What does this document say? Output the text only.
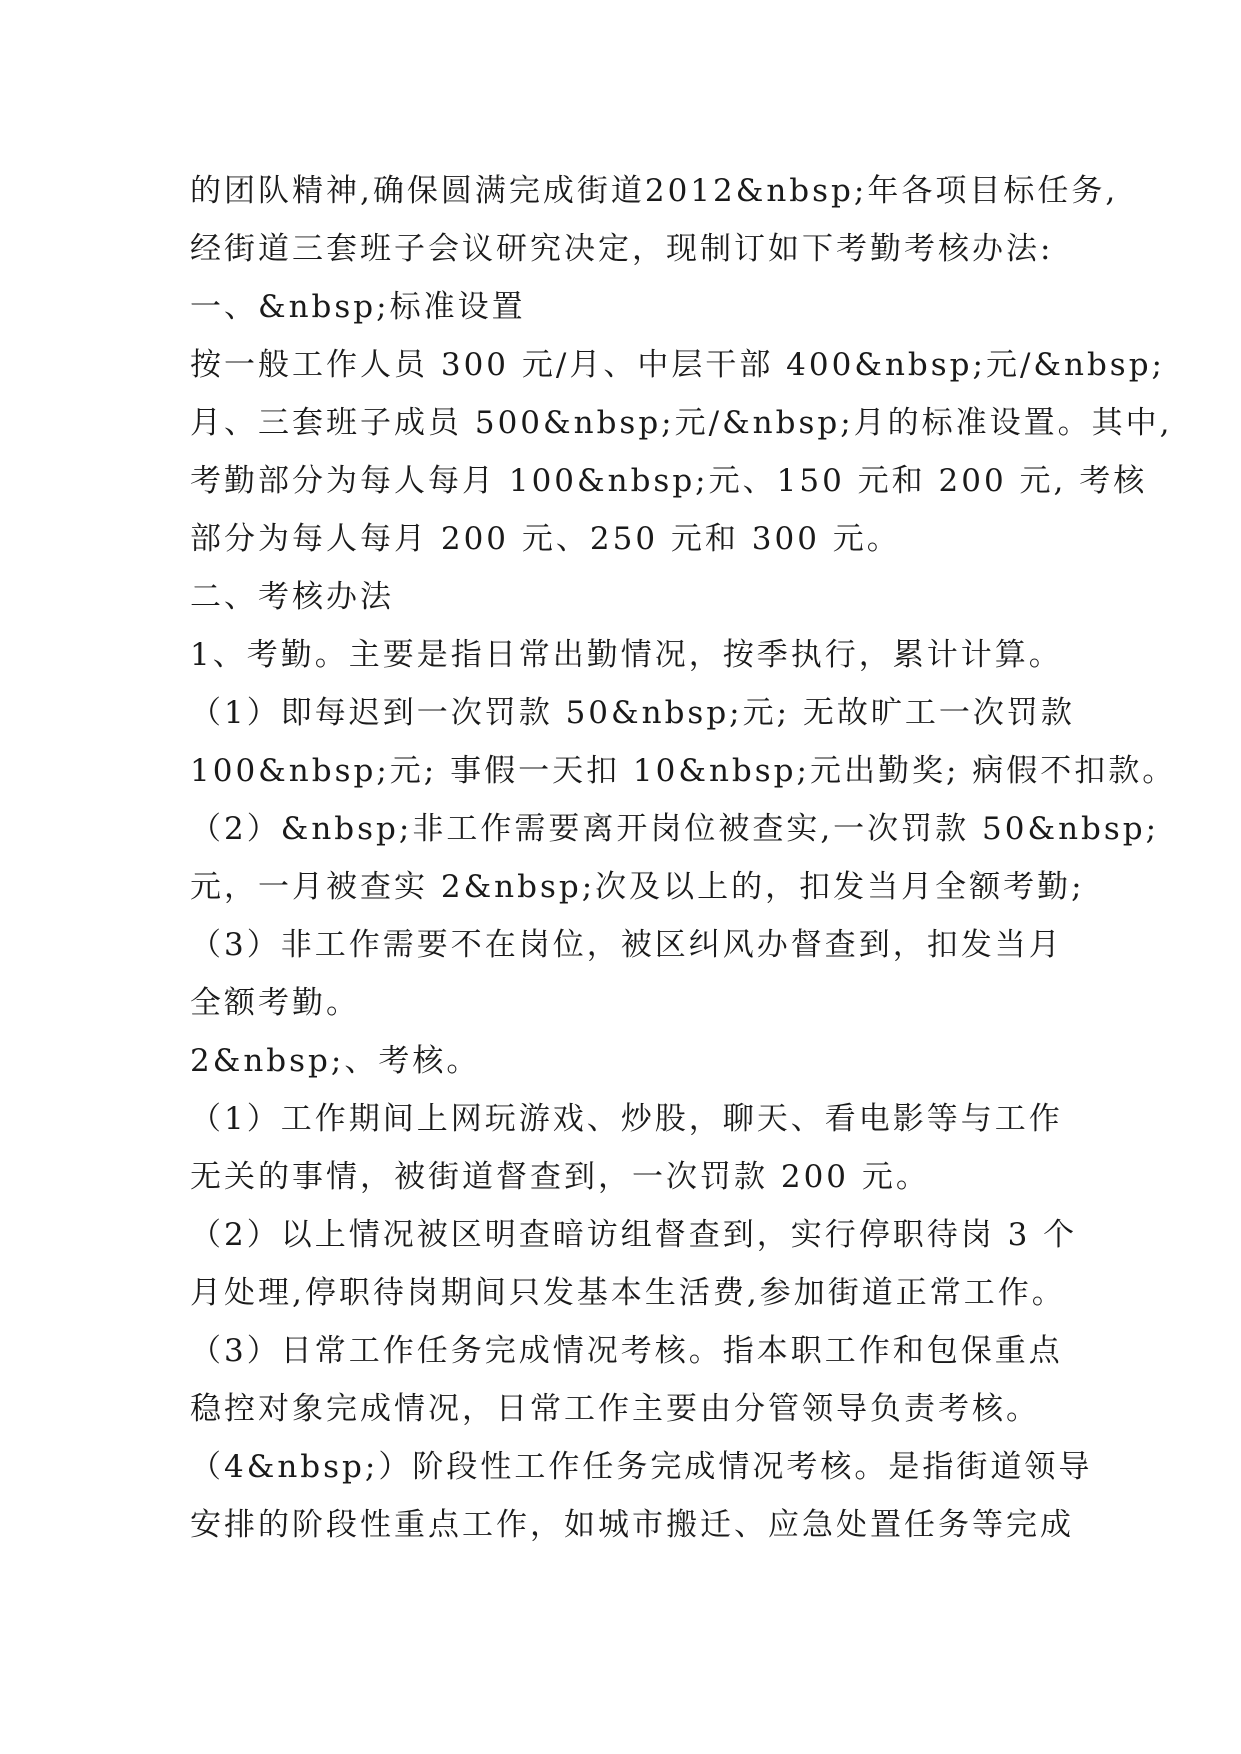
的团队精神,确保圆满完成街道2012&nbsp;年各项目标任务,
经街道三套班子会议研究决定，现制订如下考勤考核办法:
一、&nbsp;标准设置
按一般工作人员 300 元/月、中层干部 400&nbsp;元/&nbsp;
月、三套班子成员 500&nbsp;元/&nbsp;月的标准设置。其中,
考勤部分为每人每月 100&nbsp;元、150 元和 200 元, 考核
部分为每人每月 200 元、250 元和 300 元。
二、考核办法
1、考勤。主要是指日常出勤情况，按季执行，累计计算。
（1）即每迟到一次罚款 50&nbsp;元; 无故旷工一次罚款
100&nbsp;元; 事假一天扣 10&nbsp;元出勤奖; 病假不扣款。
（2）&nbsp;非工作需要离开岗位被查实,一次罚款 50&nbsp;
元，一月被查实 2&nbsp;次及以上的，扣发当月全额考勤;
（3）非工作需要不在岗位，被区纠风办督查到，扣发当月
全额考勤。
2&nbsp;、考核。
（1）工作期间上网玩游戏、炒股，聊天、看电影等与工作
无关的事情，被街道督查到，一次罚款 200 元。
（2）以上情况被区明查暗访组督查到，实行停职待岗 3 个
月处理,停职待岗期间只发基本生活费,参加街道正常工作。
（3）日常工作任务完成情况考核。指本职工作和包保重点
稳控对象完成情况，日常工作主要由分管领导负责考核。
（4&nbsp;）阶段性工作任务完成情况考核。是指街道领导
安排的阶段性重点工作，如城市搬迁、应急处置任务等完成
